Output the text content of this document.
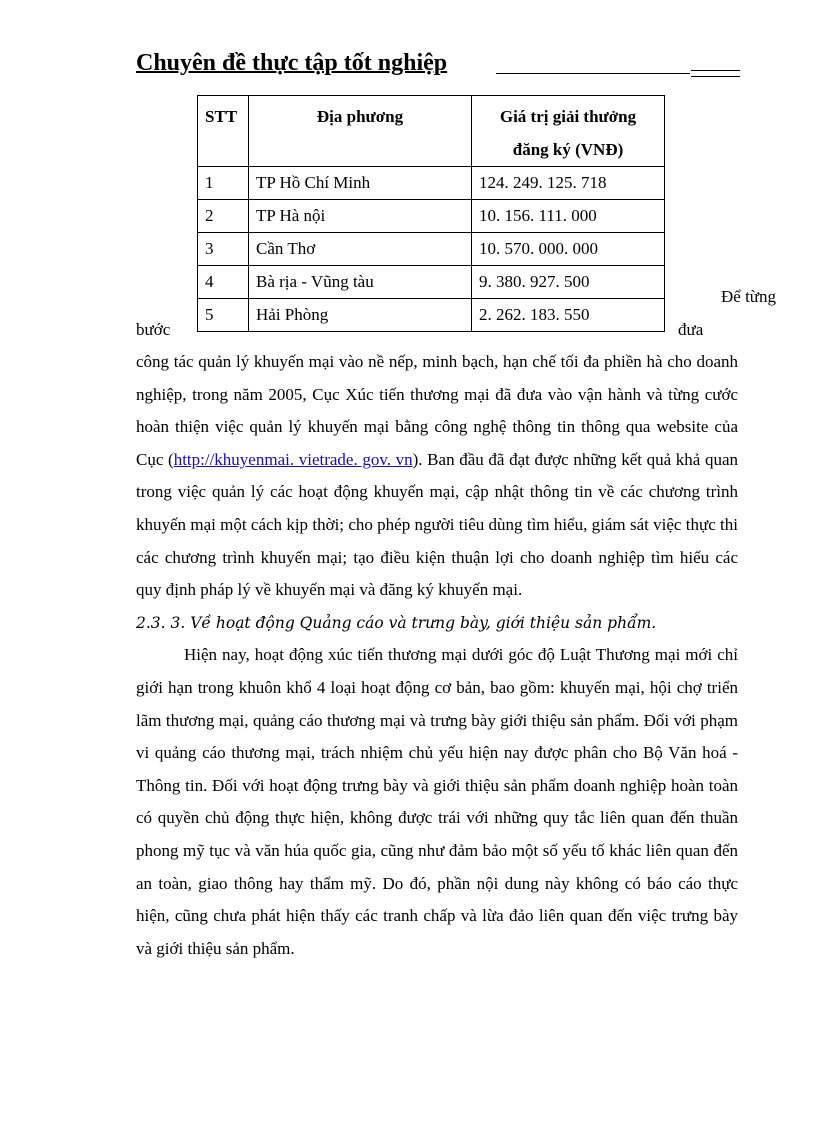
Chuyên đề thực tập tốt nghiệp
STT	Địa phương	Giá trị giải thưởng
đăng ký (VNĐ)
1	TP Hồ Chí Minh	124. 249. 125. 718
2	TP Hà nội	10. 156. 111. 000
3	Cần Thơ	10. 570. 000. 000
4	Bà rịa - Vũng tàu	9. 380. 927. 500
5	Hải Phòng	2. 262. 183. 550
Để từng
bước	đưa

công tác quản lý khuyến mại vào nề nếp, minh bạch, hạn chế tối đa phiền hà cho doanh nghiệp, trong năm 2005, Cục Xúc tiến thương mại đã đưa vào vận hành và từng cước hoàn thiện việc quản lý khuyến mại bằng công nghệ thông tin thông qua website của Cục (http://khuyenmai. vietrade. gov. vn). Ban đầu đã đạt được những kết quả khả quan trong việc quản lý các hoạt động khuyến mại, cập nhật thông tin về các chương trình khuyến mại một cách kịp thời; cho phép người tiêu dùng tìm hiểu, giám sát việc thực thi các chương trình khuyến mại; tạo điều kiện thuận lợi cho doanh nghiệp tìm hiểu các quy định pháp lý về khuyến mại và đăng ký khuyến mại.

2.3. 3. Về hoạt động Quảng cáo và trưng bày, giới thiệu sản phẩm.

Hiện nay, hoạt động xúc tiến thương mại dưới góc độ Luật Thương mại mới chỉ giới hạn trong khuôn khổ 4 loại hoạt động cơ bản, bao gồm: khuyến mại, hội chợ triển lãm thương mại, quảng cáo thương mại và trưng bày giới thiệu sản phẩm. Đối với phạm vi quảng cáo thương mại, trách nhiệm chủ yếu hiện nay được phân cho Bộ Văn hoá - Thông tin. Đối với hoạt động trưng bày và giới thiệu sản phẩm doanh nghiệp hoàn toàn có quyền chủ động thực hiện, không được trái với những quy tắc liên quan đến thuần phong mỹ tục và văn húa quốc gia, cũng như đảm bảo một số yếu tố khác liên quan đến an toàn, giao thông hay thẩm mỹ. Do đó, phần nội dung này không có báo cáo thực hiện, cũng chưa phát hiện thấy các tranh chấp và lừa đảo liên quan đến việc trưng bày và giới thiệu sản phẩm.
